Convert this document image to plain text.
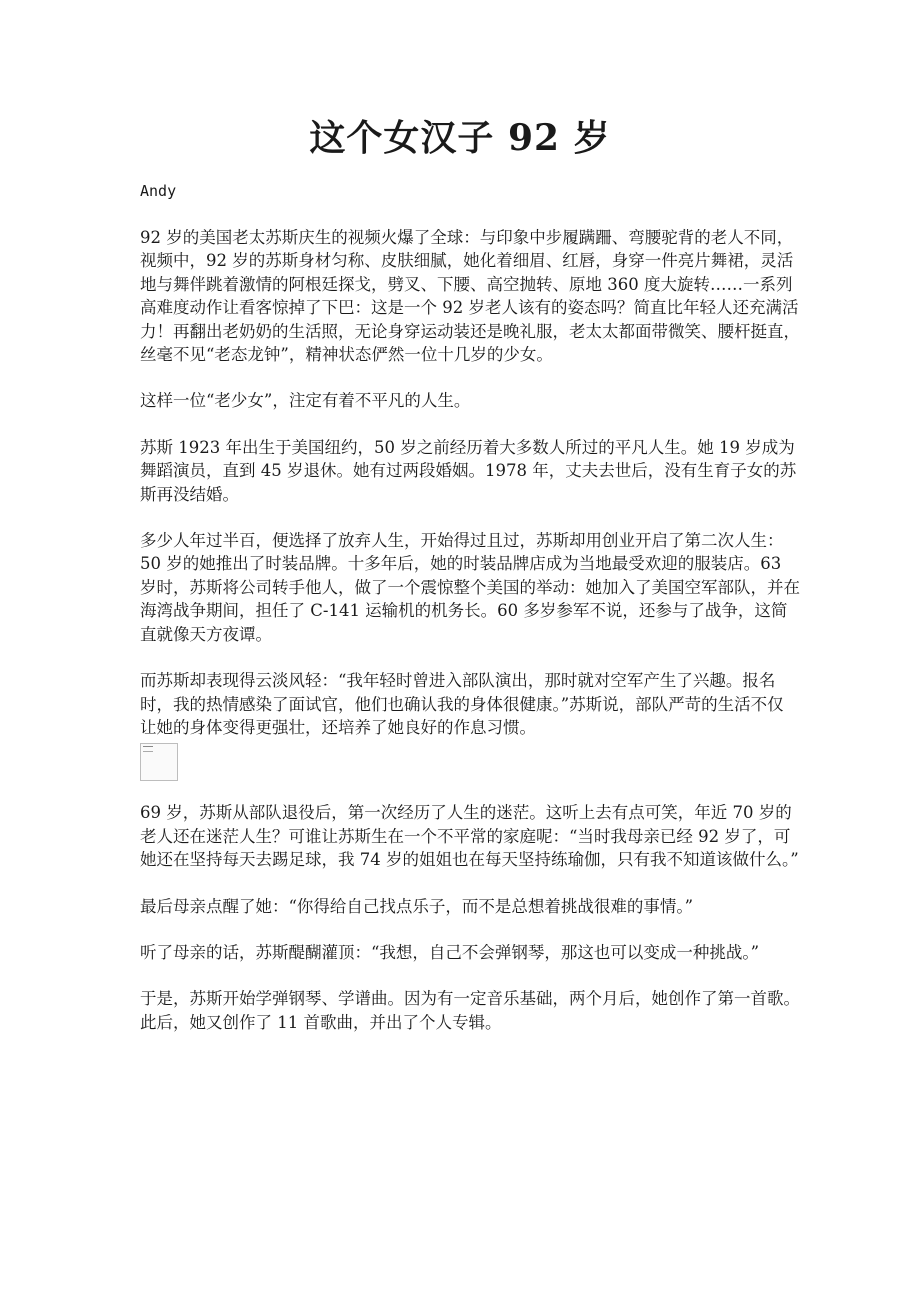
这个女汉子 92 岁

Andy

92 岁的美国老太苏斯庆生的视频火爆了全球：与印象中步履蹒跚、弯腰驼背的老人不同，视频中，92 岁的苏斯身材匀称、皮肤细腻，她化着细眉、红唇，身穿一件亮片舞裙，灵活地与舞伴跳着激情的阿根廷探戈，劈叉、下腰、高空抛转、原地 360 度大旋转……一系列高难度动作让看客惊掉了下巴：这是一个 92 岁老人该有的姿态吗？简直比年轻人还充满活力！再翻出老奶奶的生活照，无论身穿运动装还是晚礼服，老太太都面带微笑、腰杆挺直，丝毫不见“老态龙钟”，精神状态俨然一位十几岁的少女。

这样一位“老少女”，注定有着不平凡的人生。

苏斯 1923 年出生于美国纽约，50 岁之前经历着大多数人所过的平凡人生。她 19 岁成为舞蹈演员，直到 45 岁退休。她有过两段婚姻。1978 年，丈夫去世后，没有生育子女的苏斯再没结婚。

多少人年过半百，便选择了放弃人生，开始得过且过，苏斯却用创业开启了第二次人生：50 岁的她推出了时装品牌。十多年后，她的时装品牌店成为当地最受欢迎的服装店。63 岁时，苏斯将公司转手他人，做了一个震惊整个美国的举动：她加入了美国空军部队，并在海湾战争期间，担任了 C-141 运输机的机务长。60 多岁参军不说，还参与了战争，这简直就像天方夜谭。

而苏斯却表现得云淡风轻：“我年轻时曾进入部队演出，那时就对空军产生了兴趣。报名时，我的热情感染了面试官，他们也确认我的身体很健康。”苏斯说，部队严苛的生活不仅让她的身体变得更强壮，还培养了她良好的作息习惯。

69 岁，苏斯从部队退役后，第一次经历了人生的迷茫。这听上去有点可笑，年近 70 岁的老人还在迷茫人生？可谁让苏斯生在一个不平常的家庭呢：“当时我母亲已经 92 岁了，可她还在坚持每天去踢足球，我 74 岁的姐姐也在每天坚持练瑜伽，只有我不知道该做什么。”

最后母亲点醒了她：“你得给自己找点乐子，而不是总想着挑战很难的事情。”

听了母亲的话，苏斯醍醐灌顶：“我想，自己不会弹钢琴，那这也可以变成一种挑战。”

于是，苏斯开始学弹钢琴、学谱曲。因为有一定音乐基础，两个月后，她创作了第一首歌。此后，她又创作了 11 首歌曲，并出了个人专辑。
